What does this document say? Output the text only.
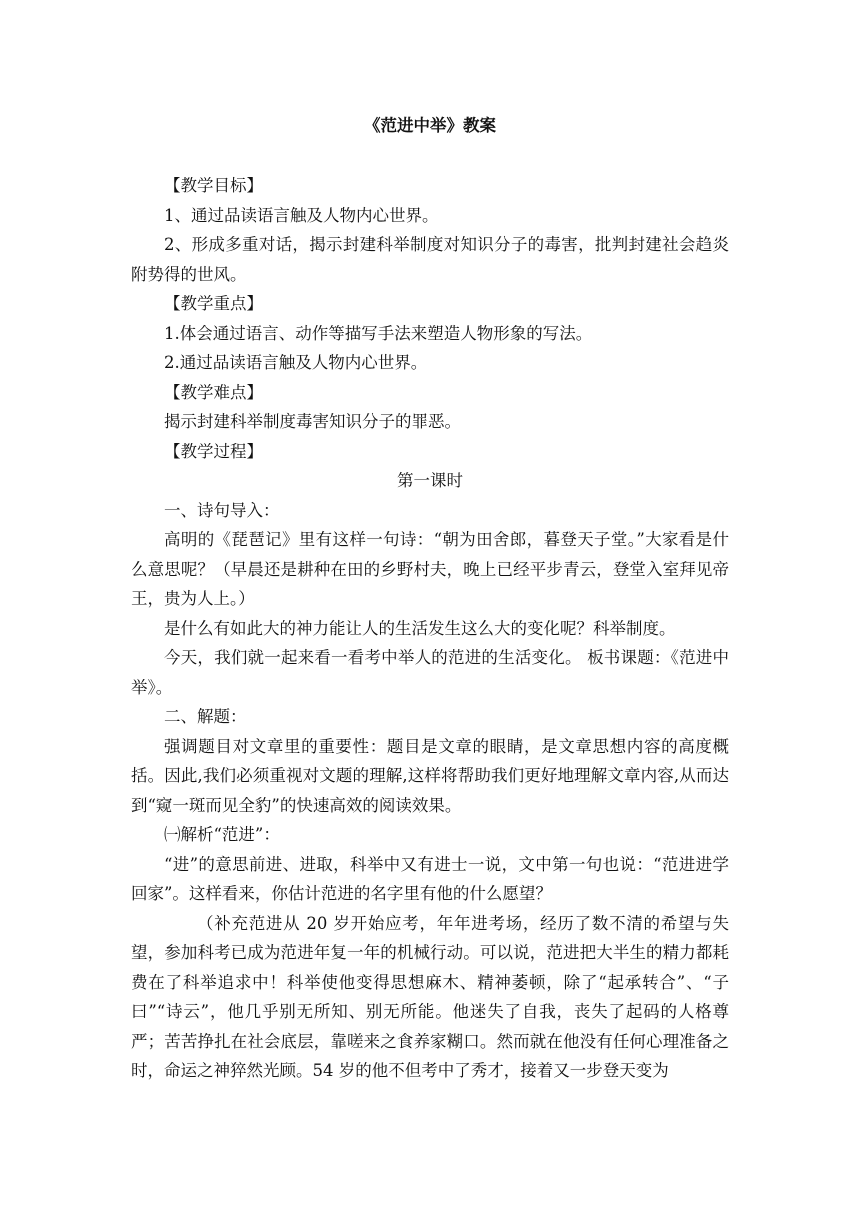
《范进中举》教案

【教学目标】

1、通过品读语言触及人物内心世界。

2、形成多重对话，揭示封建科举制度对知识分子的毒害，批判封建社会趋炎附势得的世风。

【教学重点】

1.体会通过语言、动作等描写手法来塑造人物形象的写法。

2.通过品读语言触及人物内心世界。

【教学难点】

揭示封建科举制度毒害知识分子的罪恶。

【教学过程】

第一课时

一、诗句导入：

高明的《琵琶记》里有这样一句诗：“朝为田舍郎，暮登天子堂。”大家看是什么意思呢？（早晨还是耕种在田的乡野村夫，晚上已经平步青云，登堂入室拜见帝王，贵为人上。）

是什么有如此大的神力能让人的生活发生这么大的变化呢？科举制度。

今天，我们就一起来看一看考中举人的范进的生活变化。 板书课题：《范进中举》。

二、解题：

强调题目对文章里的重要性：题目是文章的眼睛，是文章思想内容的高度概括。因此,我们必须重视对文题的理解,这样将帮助我们更好地理解文章内容,从而达到“窥一斑而见全豹”的快速高效的阅读效果。

㈠解析“范进”：

“进”的意思前进、进取，科举中又有进士一说，文中第一句也说：“范进进学回家”。这样看来，你估计范进的名字里有他的什么愿望？

（补充范进从 20 岁开始应考，年年进考场，经历了数不清的希望与失望，参加科考已成为范进年复一年的机械行动。可以说，范进把大半生的精力都耗费在了科举追求中！科举使他变得思想麻木、精神萎顿，除了“起承转合”、“子曰”“诗云”，他几乎别无所知、别无所能。他迷失了自我，丧失了起码的人格尊严；苦苦挣扎在社会底层，靠嗟来之食养家糊口。然而就在他没有任何心理准备之时，命运之神猝然光顾。54 岁的他不但考中了秀才，接着又一步登天变为
